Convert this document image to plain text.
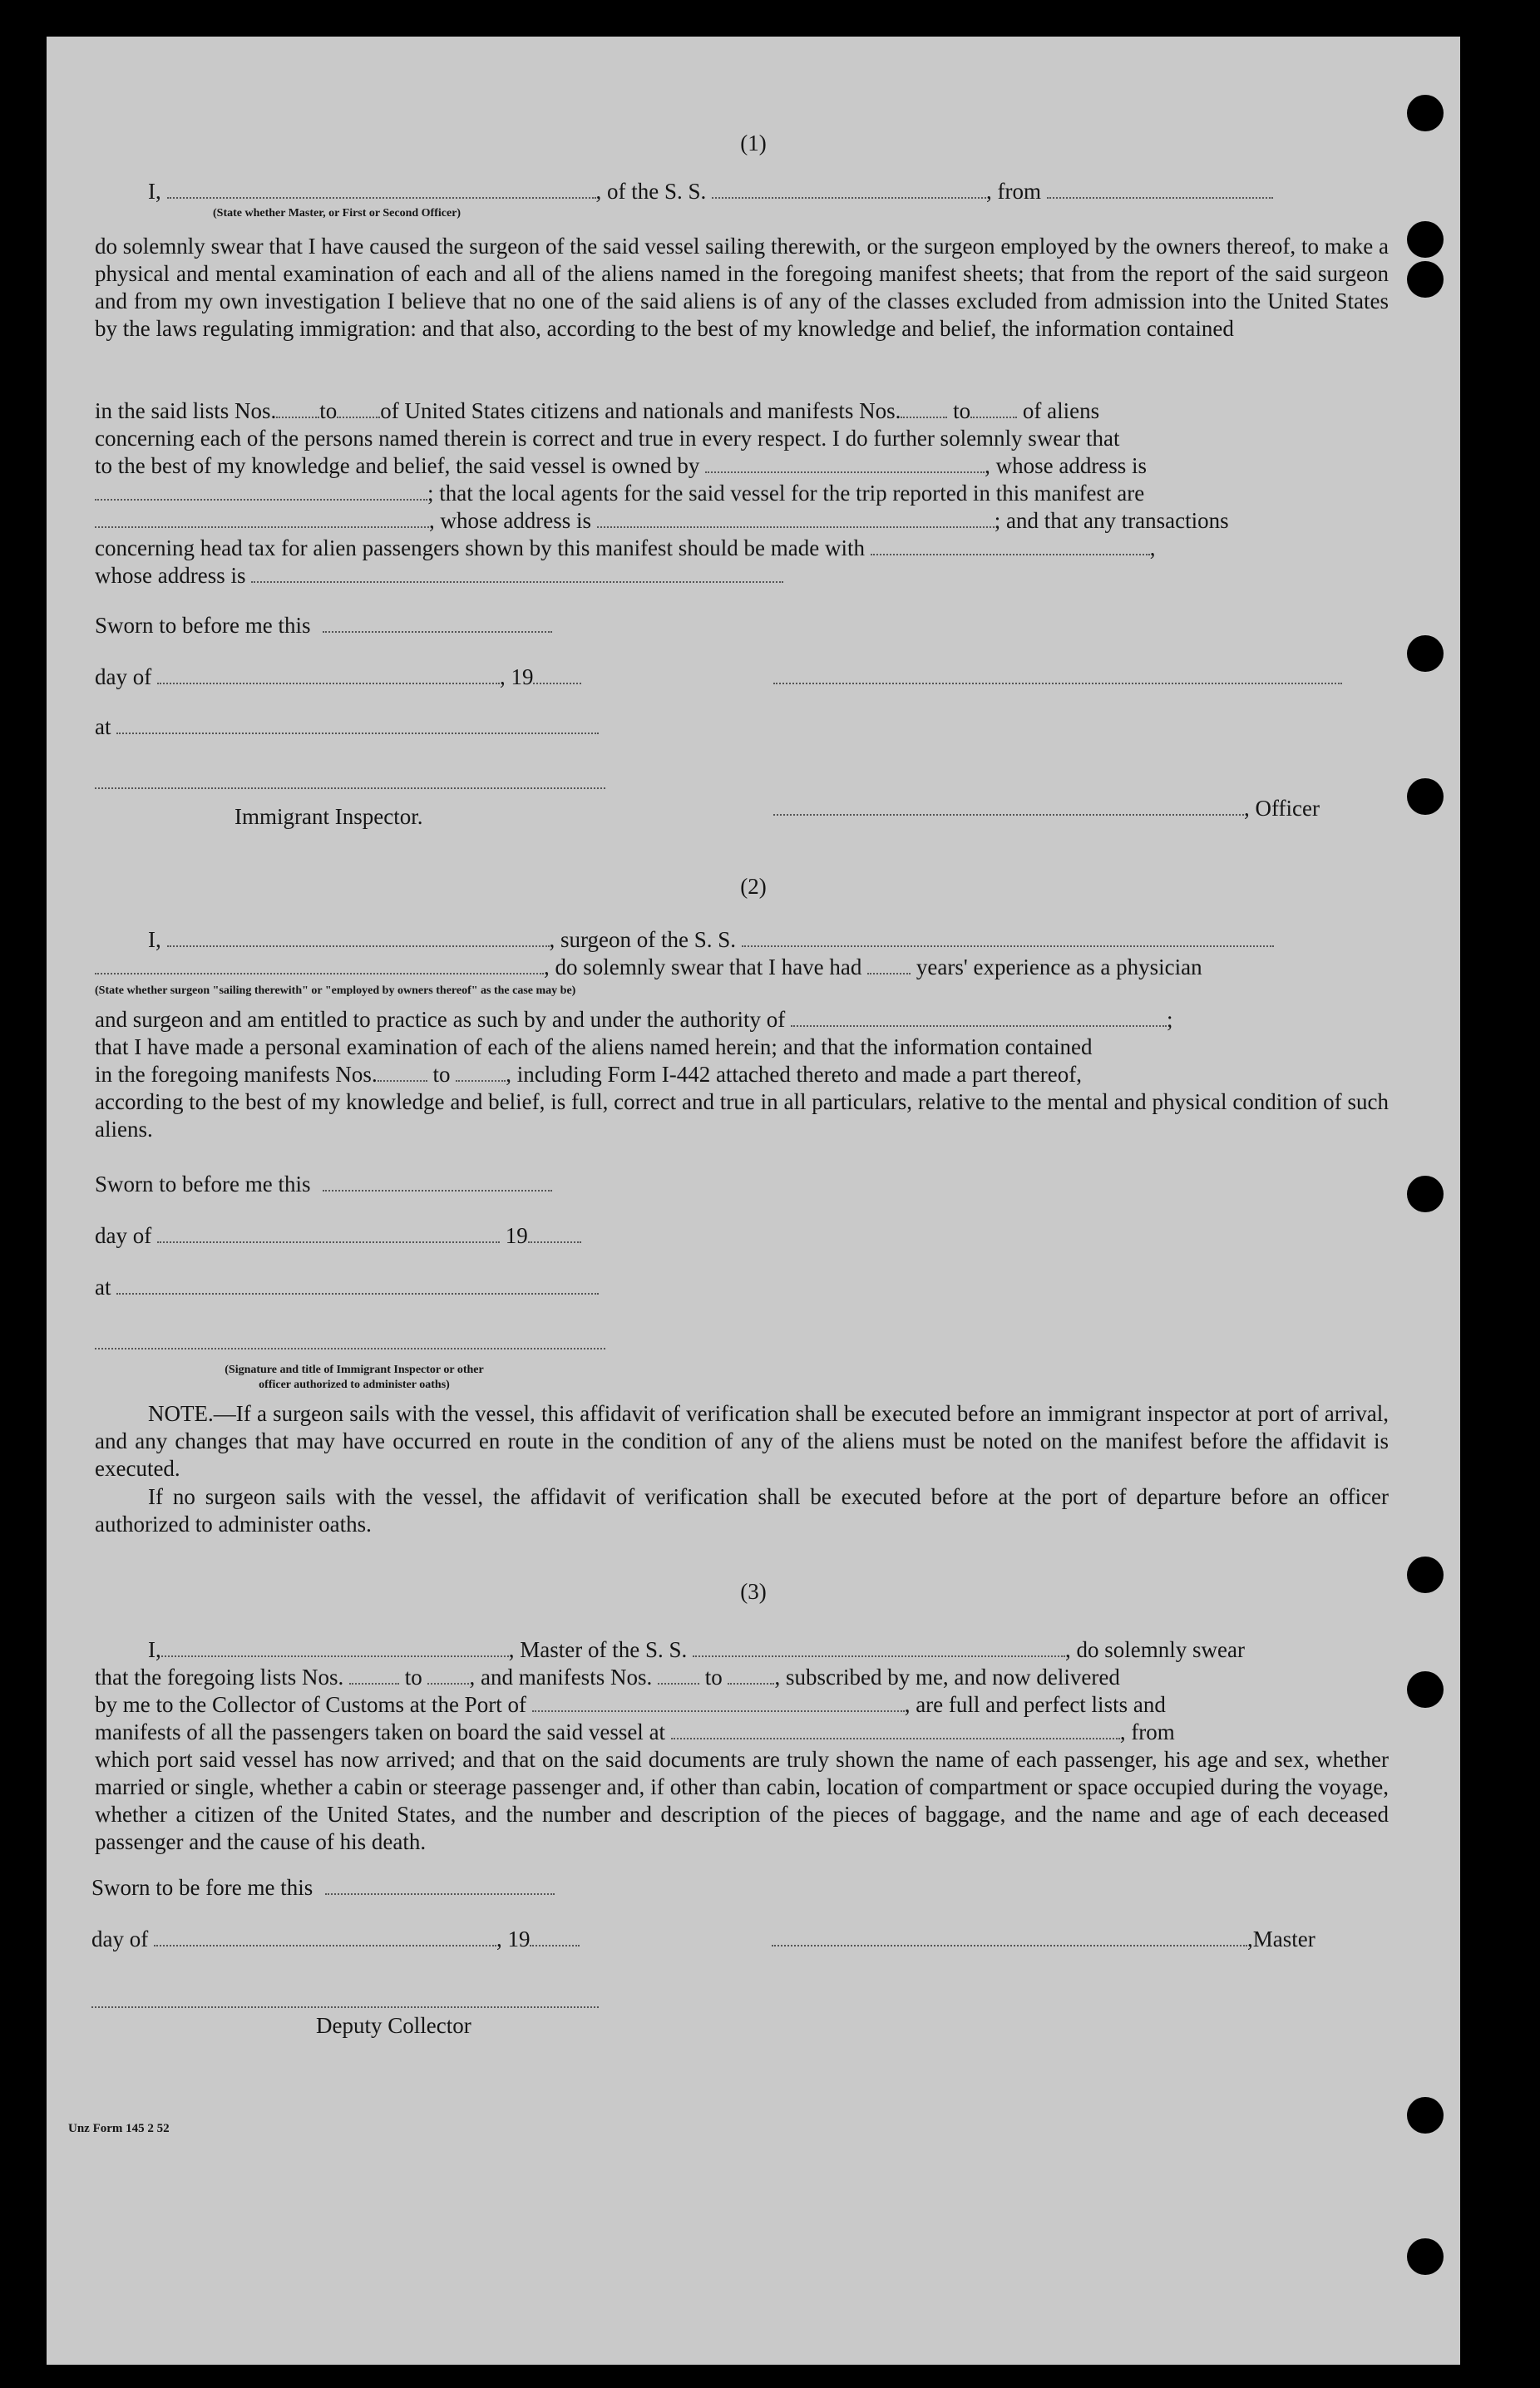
(1)
I,	, of the S. S.	, from
(State whether Master, or First or Second Officer)
do solemnly swear that I have caused the surgeon of the said vessel sailing therewith, or the surgeon employed by the owners thereof, to make a physical and mental examination of each and all of the aliens named in the foregoing manifest sheets; that from the report of the said surgeon and from my own investigation I believe that no one of the said aliens is of any of the classes excluded from admission into the United States by the laws regulating immigration: and that also, according to the best of my knowledge and belief, the information contained
in the said lists Nos. to of United States citizens and nationals and manifests Nos. to of aliens
concerning each of the persons named therein is correct and true in every respect. I do further solemnly swear that
to the best of my knowledge and belief, the said vessel is owned by	, whose address is
; that the local agents for the said vessel for the trip reported in this manifest are
, whose address is	; and that any transactions
concerning head tax for alien passengers shown by this manifest should be made with	,
whose address is
Sworn to before me this
day of	, 19
at
Immigrant Inspector.	, Officer
(2)
I,	, surgeon of the S. S.
, do solemnly swear that I have had years' experience as a physician
(State whether surgeon "sailing therewith" or "employed by owners thereof" as the case may be)
and surgeon and am entitled to practice as such by and under the authority of	;
that I have made a personal examination of each of the aliens named herein; and that the information contained
in the foregoing manifests Nos. to , including Form I-442 attached thereto and made a part thereof,
according to the best of my knowledge and belief, is full, correct and true in all particulars, relative to the mental and physical condition of such aliens.
Sworn to before me this
day of	19
at
(Signature and title of Immigrant Inspector or other
officer authorized to administer oaths)
NOTE.—If a surgeon sails with the vessel, this affidavit of verification shall be executed before an immigrant inspector at port of arrival, and any changes that may have occurred en route in the condition of any of the aliens must be noted on the manifest before the affidavit is executed.
If no surgeon sails with the vessel, the affidavit of verification shall be executed before at the port of departure before an officer authorized to administer oaths.
(3)
I,	, Master of the S. S.	, do solemnly swear
that the foregoing lists Nos.	to , and manifests Nos. to , subscribed by me, and now delivered
by me to the Collector of Customs at the Port of	, are full and perfect lists and
manifests of all the passengers taken on board the said vessel at	, from
which port said vessel has now arrived; and that on the said documents are truly shown the name of each passenger, his age and sex, whether married or single, whether a cabin or steerage passenger and, if other than cabin, location of compartment or space occupied during the voyage, whether a citizen of the United States, and the number and description of the pieces of baggage, and the name and age of each deceased passenger and the cause of his death.
Sworn to be fore me this
day of	, 19	,Master
Deputy Collector
Unz Form 145 2 52
